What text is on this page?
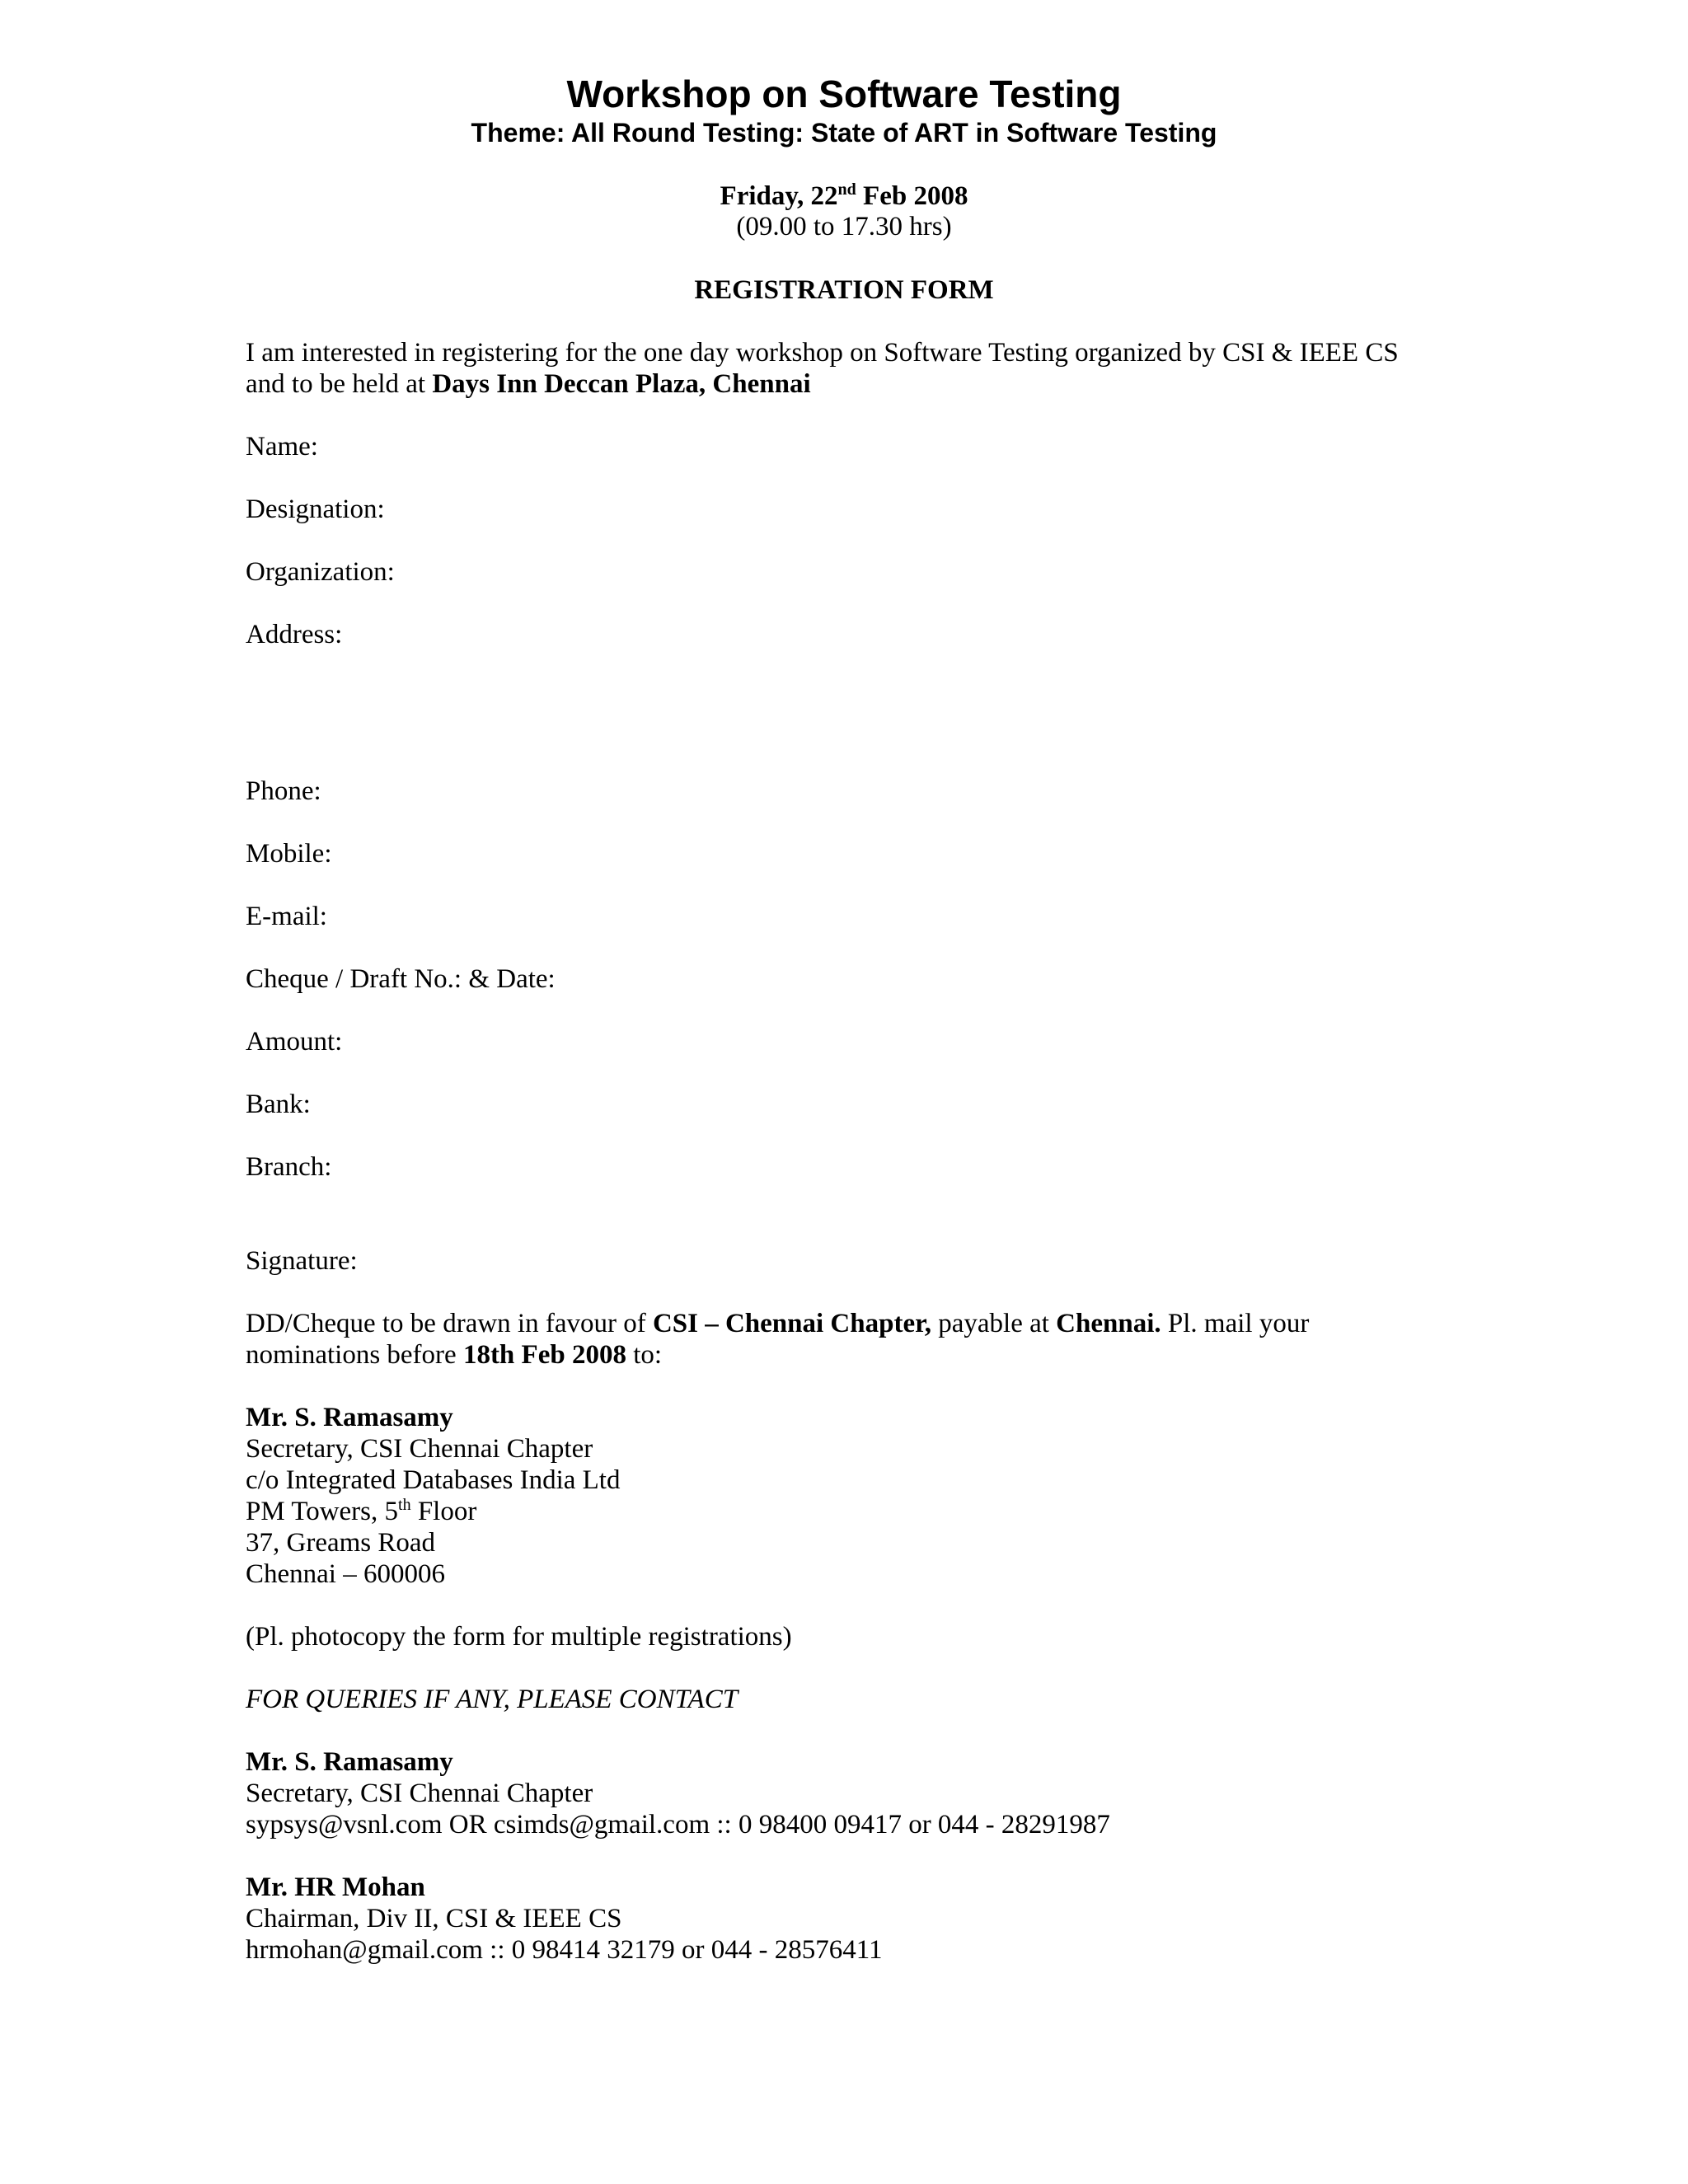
Workshop on Software Testing
Theme: All Round Testing: State of ART in Software Testing
Friday, 22nd Feb 2008
(09.00 to 17.30 hrs)
REGISTRATION FORM
I am interested in registering for the one day workshop on Software Testing organized by CSI & IEEE CS
and to be held at Days Inn Deccan Plaza, Chennai
Name:
Designation:
Organization:
Address:
Phone:
Mobile:
E-mail:
Cheque / Draft No.: & Date:
Amount:
Bank:
Branch:
Signature:
DD/Cheque to be drawn in favour of CSI – Chennai Chapter, payable at Chennai. Pl. mail your
nominations before 18th Feb 2008 to:
Mr. S. Ramasamy
Secretary, CSI Chennai Chapter
c/o Integrated Databases India Ltd
PM Towers, 5th Floor
37, Greams Road
Chennai – 600006
(Pl. photocopy the form for multiple registrations)
FOR QUERIES IF ANY, PLEASE CONTACT
Mr. S. Ramasamy
Secretary, CSI Chennai Chapter
sypsys@vsnl.com OR csimds@gmail.com :: 0 98400 09417 or 044 - 28291987
Mr. HR Mohan
Chairman, Div II, CSI & IEEE CS
hrmohan@gmail.com :: 0 98414 32179 or 044 - 28576411
